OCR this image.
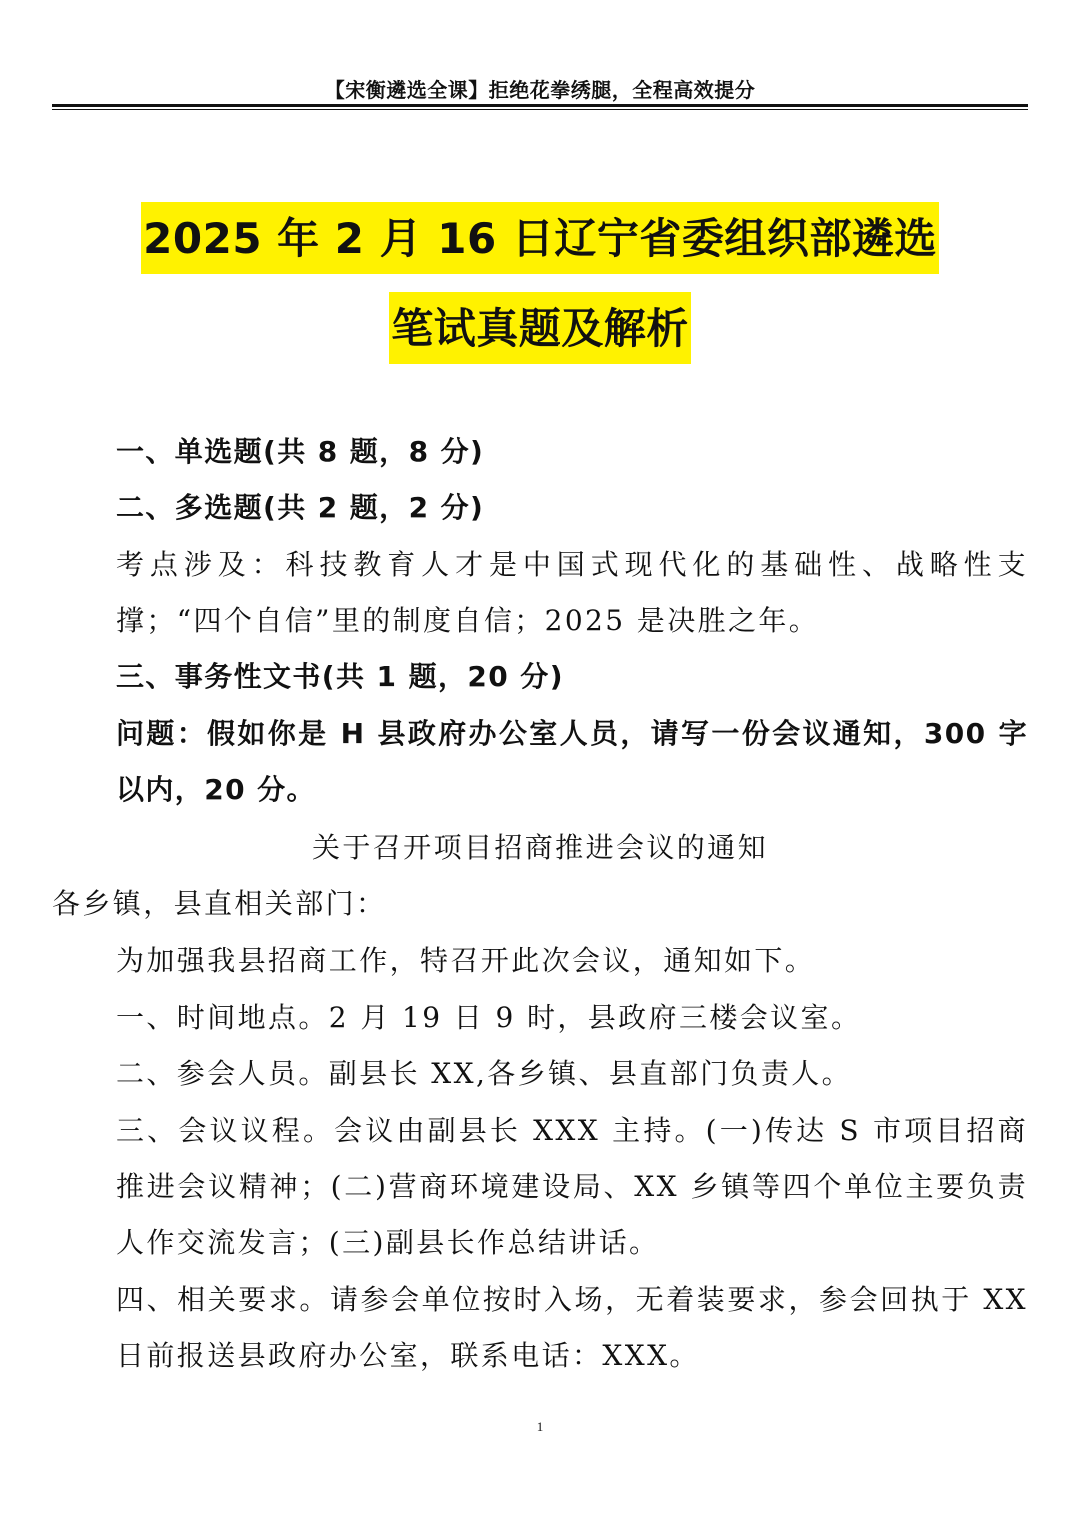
【宋衡遴选全课】拒绝花拳绣腿，全程高效提分
2025 年 2 月 16 日辽宁省委组织部遴选
笔试真题及解析
一、单选题(共 8 题，8 分)
二、多选题(共 2 题，2 分)
考点涉及：科技教育人才是中国式现代化的基础性、战略性支撑；“四个自信”里的制度自信；2025 是决胜之年。
三、事务性文书(共 1 题，20 分)
问题：假如你是 H 县政府办公室人员，请写一份会议通知，300 字以内，20 分。
关于召开项目招商推进会议的通知
各乡镇，县直相关部门：
为加强我县招商工作，特召开此次会议，通知如下。
一、时间地点。2 月 19 日 9 时，县政府三楼会议室。
二、参会人员。副县长 XX,各乡镇、县直部门负责人。
三、会议议程。会议由副县长 XXX 主持。(一)传达 S 市项目招商推进会议精神；(二)营商环境建设局、XX 乡镇等四个单位主要负责人作交流发言；(三)副县长作总结讲话。
四、相关要求。请参会单位按时入场，无着装要求，参会回执于 XX 日前报送县政府办公室，联系电话：XXX。
1
